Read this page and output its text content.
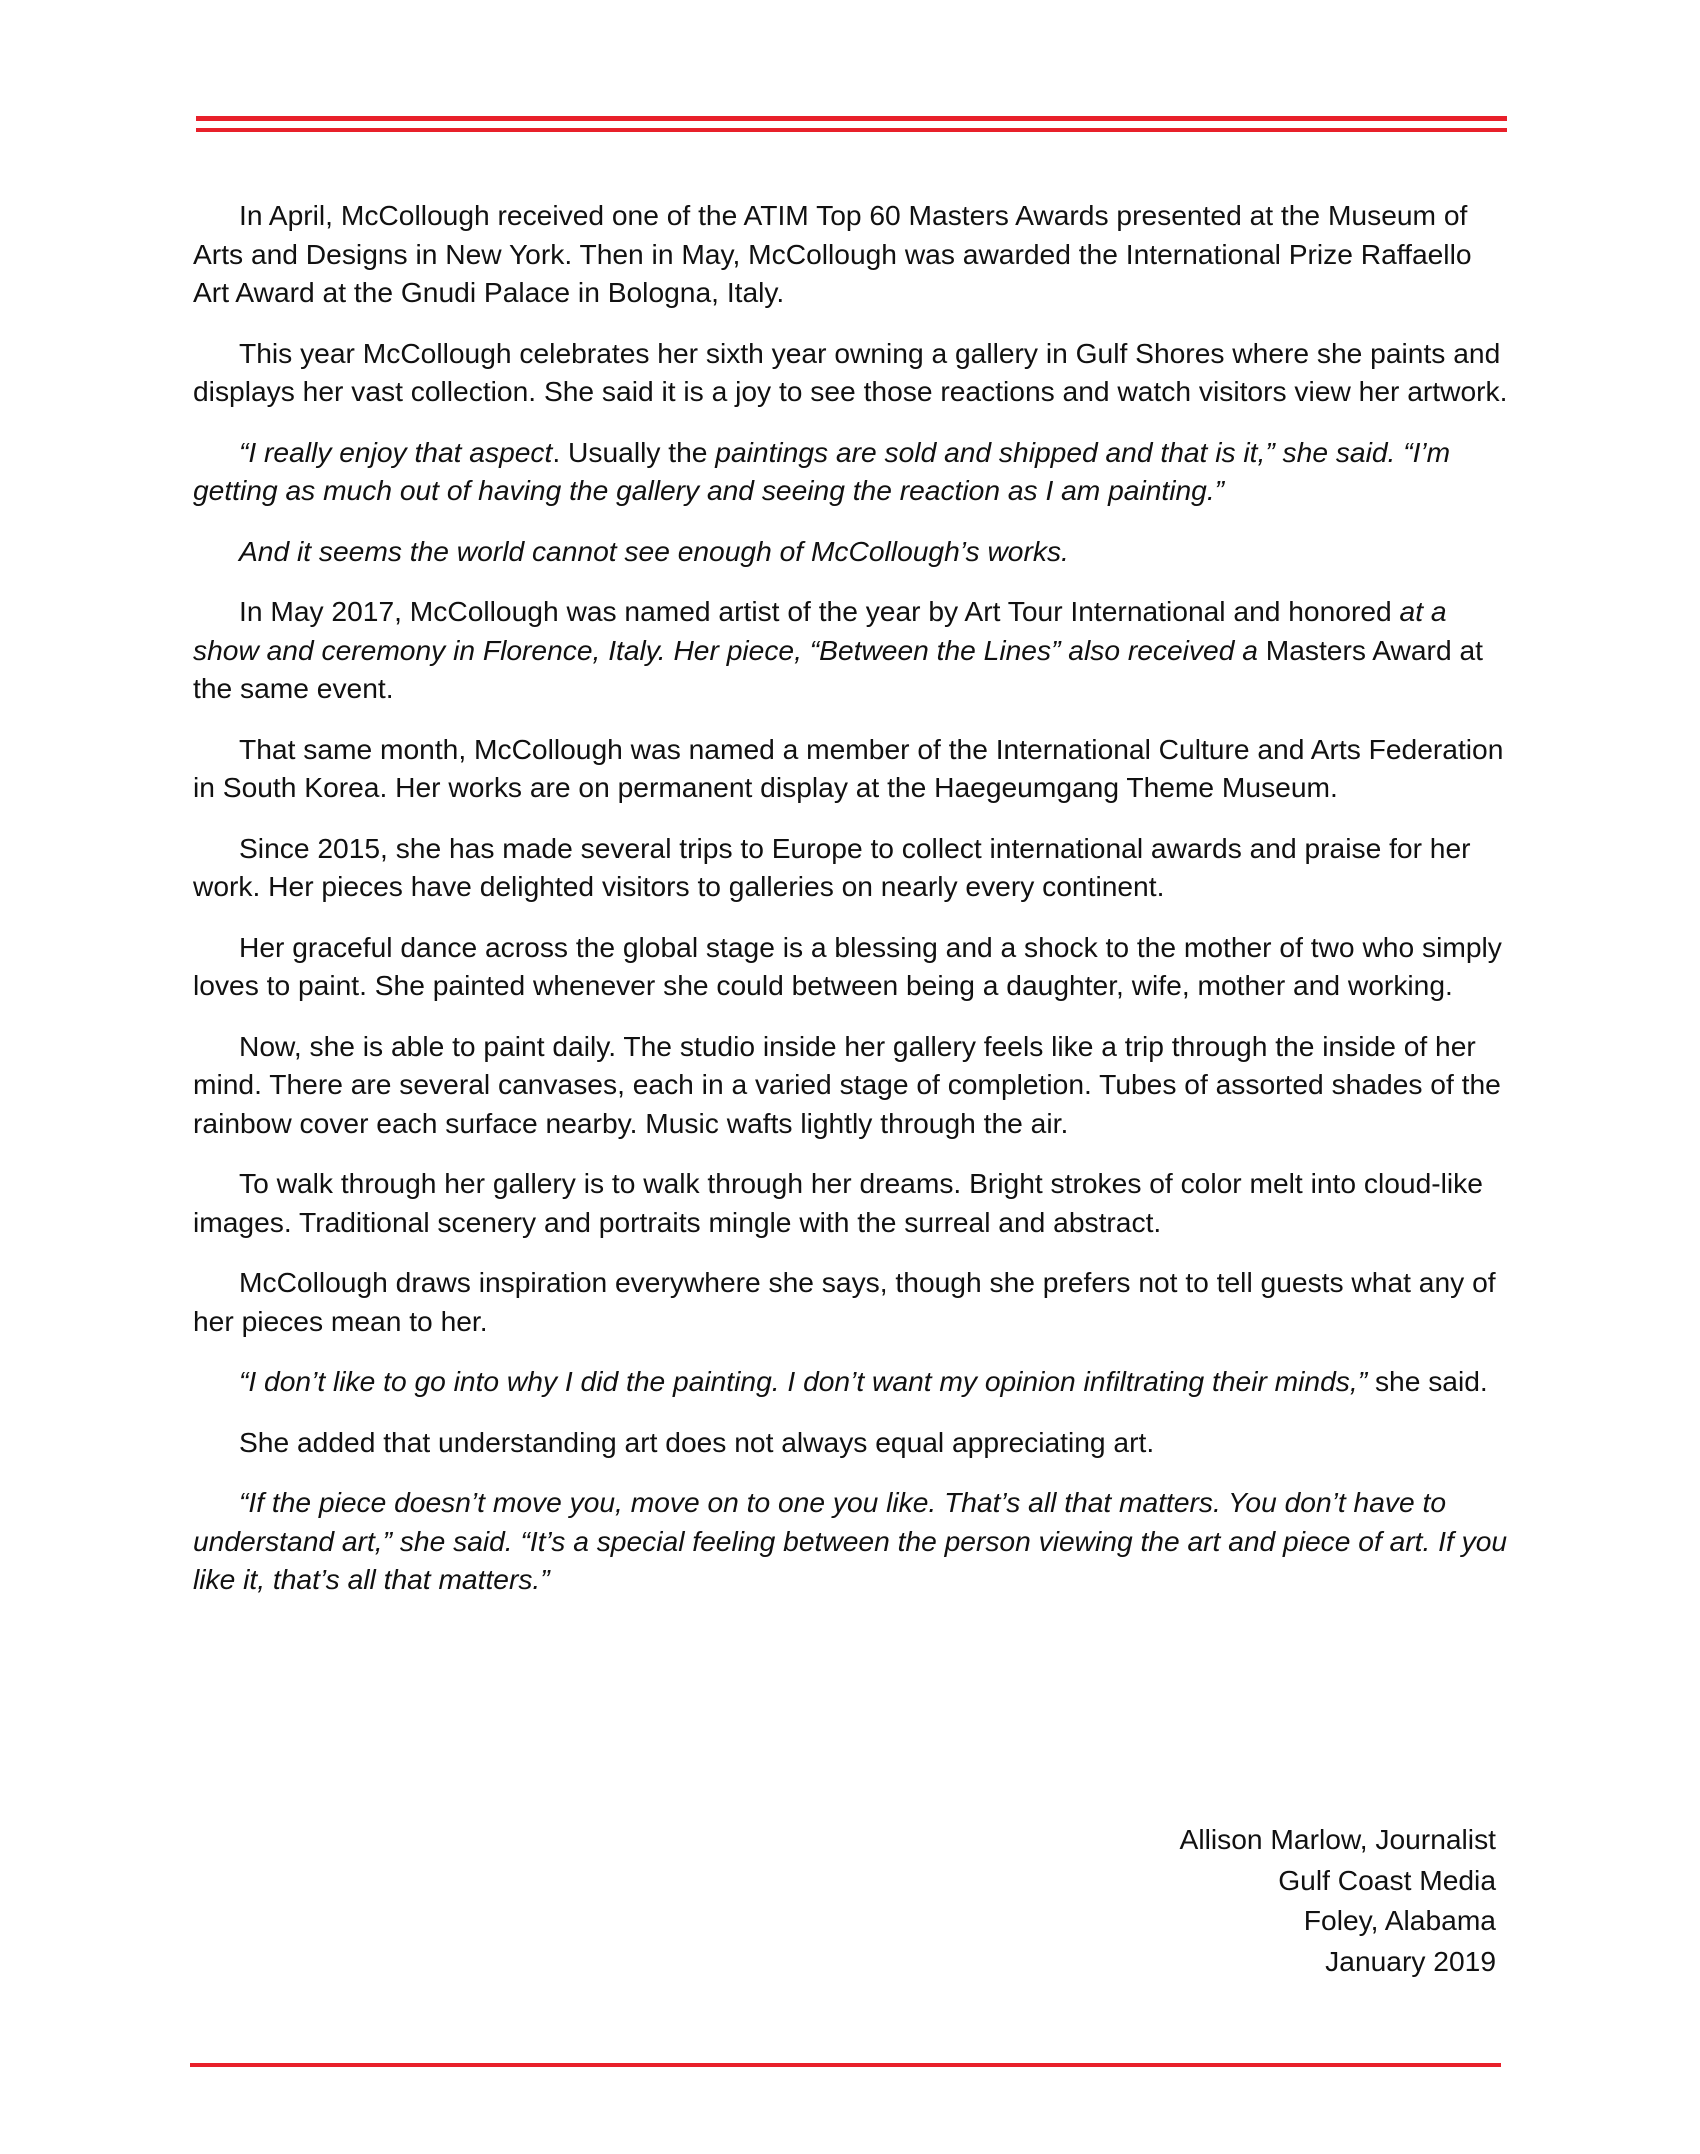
In April, McCollough received one of the ATIM Top 60 Masters Awards presented at the Museum of Arts and Designs in New York. Then in May, McCollough was awarded the International Prize Raffaello Art Award at the Gnudi Palace in Bologna, Italy.

This year McCollough celebrates her sixth year owning a gallery in Gulf Shores where she paints and displays her vast collection. She said it is a joy to see those reactions and watch visitors view her artwork.

“I really enjoy that aspect. Usually the paintings are sold and shipped and that is it,” she said. “I’m getting as much out of having the gallery and seeing the reaction as I am painting.”

And it seems the world cannot see enough of McCollough’s works.

In May 2017, McCollough was named artist of the year by Art Tour International and honored at a show and ceremony in Florence, Italy. Her piece, “Between the Lines” also received a Masters Award at the same event.

That same month, McCollough was named a member of the International Culture and Arts Federation in South Korea. Her works are on permanent display at the Haegeumgang Theme Museum.

Since 2015, she has made several trips to Europe to collect international awards and praise for her work. Her pieces have delighted visitors to galleries on nearly every continent.

Her graceful dance across the global stage is a blessing and a shock to the mother of two who simply loves to paint. She painted whenever she could between being a daughter, wife, mother and working.

Now, she is able to paint daily. The studio inside her gallery feels like a trip through the inside of her mind. There are several canvases, each in a varied stage of completion. Tubes of assorted shades of the rainbow cover each surface nearby. Music wafts lightly through the air.

To walk through her gallery is to walk through her dreams. Bright strokes of color melt into cloud-like images. Traditional scenery and portraits mingle with the surreal and abstract.

McCollough draws inspiration everywhere she says, though she prefers not to tell guests what any of her pieces mean to her.

“I don’t like to go into why I did the painting. I don’t want my opinion infiltrating their minds,” she said.

She added that understanding art does not always equal appreciating art.

“If the piece doesn’t move you, move on to one you like. That’s all that matters. You don’t have to understand art,” she said. “It’s a special feeling between the person viewing the art and piece of art. If you like it, that’s all that matters.”

Allison Marlow, Journalist
Gulf Coast Media
Foley, Alabama
January 2019
